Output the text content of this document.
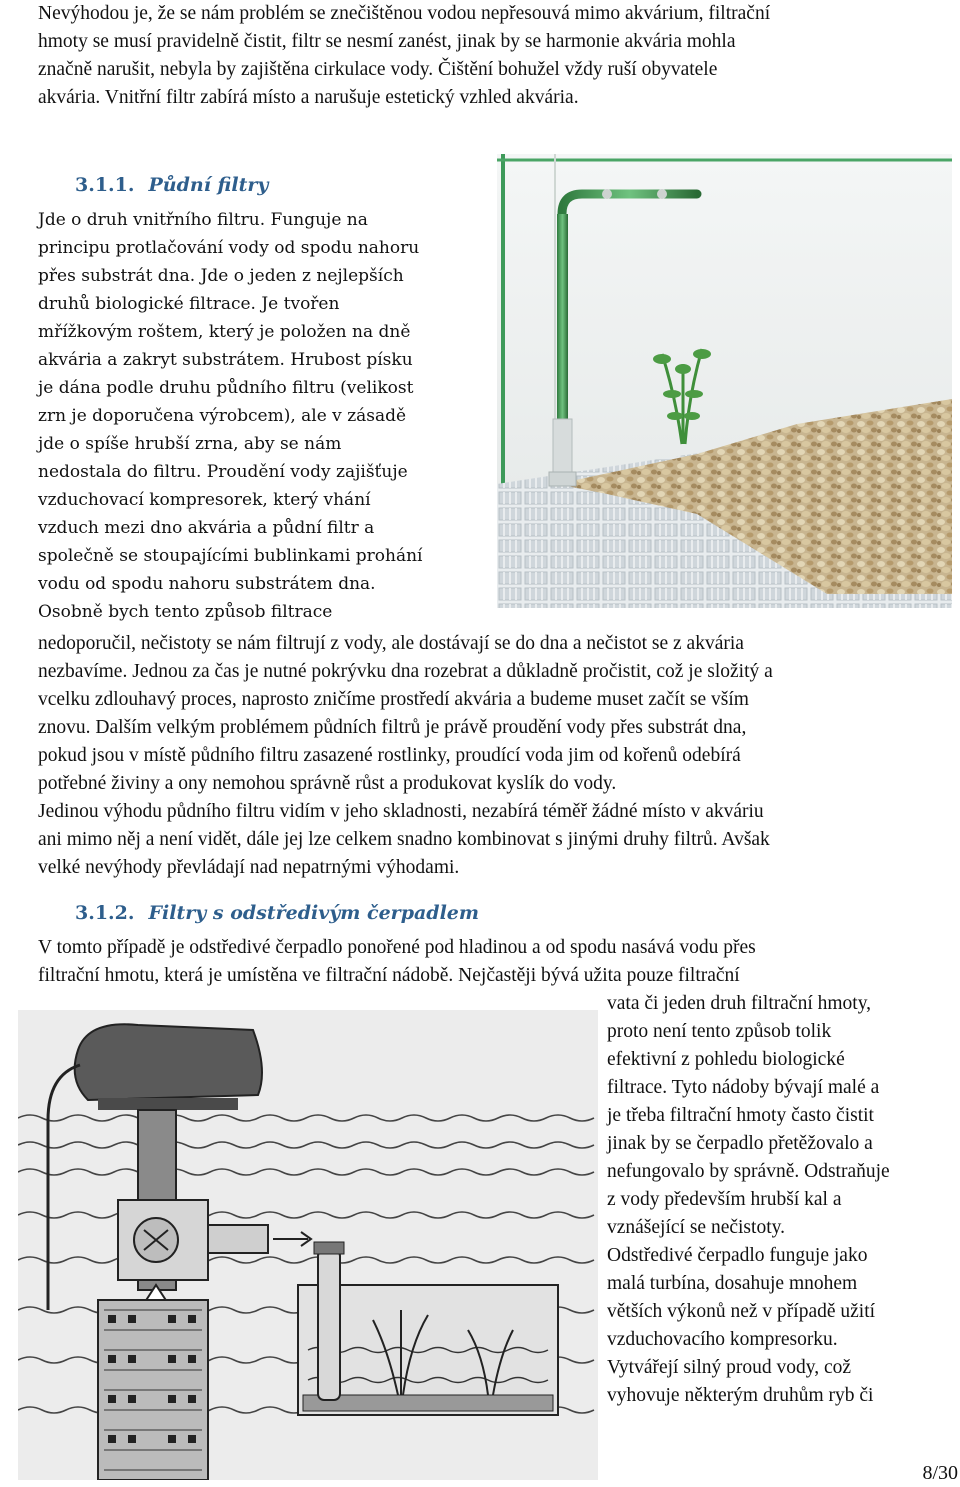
Nevýhodou je, že se nám problém se znečištěnou vodou nepřesouvá mimo akvárium, filtrační
hmoty se musí pravidelně čistit, filtr se nesmí zanést, jinak by se harmonie akvária mohla
značně narušit, nebyla by zajištěna cirkulace vody. Čištění bohužel vždy ruší obyvatele
akvária. Vnitřní filtr zabírá místo a narušuje estetický vzhled akvária.
3.1.1. Půdní filtry
Jde o druh vnitřního filtru. Funguje na
principu protlačování vody od spodu nahoru
přes substrát dna. Jde o jeden z nejlepších
druhů biologické filtrace. Je tvořen
mřížkovým roštem, který je položen na dně
akvária a zakryt substrátem. Hrubost písku
je dána podle druhu půdního filtru (velikost
zrn je doporučena výrobcem), ale v zásadě
jde o spíše hrubší zrna, aby se nám
nedostala do filtru. Proudění vody zajišťuje
vzduchovací kompresorek, který vhání
vzduch mezi dno akvária a půdní filtr a
společně se stoupajícími bublinkami prohání
vodu od spodu nahoru substrátem dna.
Osobně bych tento způsob filtrace
nedoporučil, nečistoty se nám filtrují z vody, ale dostávají se do dna a nečistot se z akvária
nezbavíme. Jednou za čas je nutné pokrývku dna rozebrat a důkladně pročistit, což je složitý a
vcelku zdlouhavý proces, naprosto zničíme prostředí akvária a budeme muset začít se vším
znovu. Dalším velkým problémem půdních filtrů je právě proudění vody přes substrát dna,
pokud jsou v místě půdního filtru zasazené rostlinky, proudící voda jim od kořenů odebírá
potřebné živiny a ony nemohou správně růst a produkovat kyslík do vody.
Jedinou výhodu půdního filtru vidím v jeho skladnosti, nezabírá téměř žádné místo v akváriu
ani mimo něj a není vidět, dále jej lze celkem snadno kombinovat s jinými druhy filtrů. Avšak
velké nevýhody převládají nad nepatrnými výhodami.
3.1.2. Filtry s odstředivým čerpadlem
V tomto případě je odstředivé čerpadlo ponořené pod hladinou a od spodu nasává vodu přes
filtrační hmotu, která je umístěna ve filtrační nádobě. Nejčastěji bývá užita pouze filtrační
vata či jeden druh filtrační hmoty,
proto není tento způsob tolik
efektivní z pohledu biologické
filtrace. Tyto nádoby bývají malé a
je třeba filtrační hmoty často čistit
jinak by se čerpadlo přetěžovalo a
nefungovalo by správně. Odstraňuje
z vody především hrubší kal a
vznášející se nečistoty.
Odstředivé čerpadlo funguje jako
malá turbína, dosahuje mnohem
větších výkonů než v případě užití
vzduchovacího kompresorku.
Vytvářejí silný proud vody, což
vyhovuje některým druhům ryb či
8/30
